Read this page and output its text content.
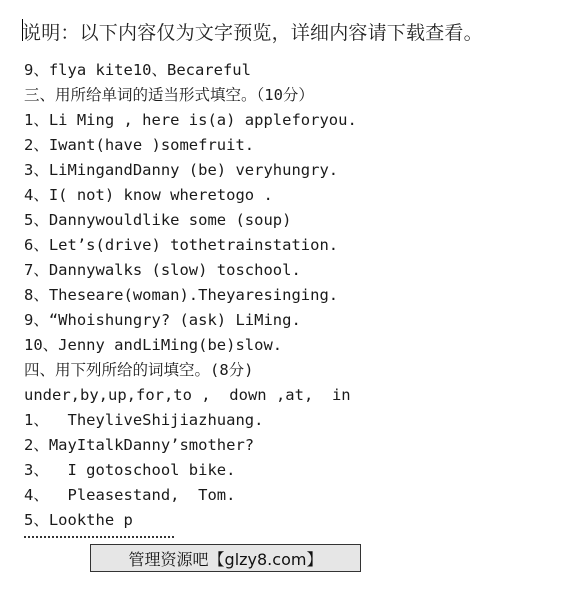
说明：以下内容仅为文字预览，详细内容请下载查看。
9、flya kite10、Becareful
三、用所给单词的适当形式填空。（10分）
1、Li Ming , here is(a) appleforyou.
2、Iwant(have )somefruit.
3、LiMingandDanny (be) veryhungry.
4、I( not) know wheretogo .
5、Dannywouldlike some (soup)
6、Let’s(drive) tothetrainstation.
7、Dannywalks (slow) toschool.
8、Theseare(woman).Theyaresinging.
9、“Whoishungry? (ask) LiMing.
10、Jenny andLiMing(be)slow.
四、用下列所给的词填空。(8分)
under,by,up,for,to ,  down ,at,  in
1、  TheyliveShijiazhuang.
2、MayItalkDanny’smother?
3、  I gotoschool bike.
4、  Pleasestand,  Tom.
5、Lookthe p
管理资源吧【glzy8.com】
